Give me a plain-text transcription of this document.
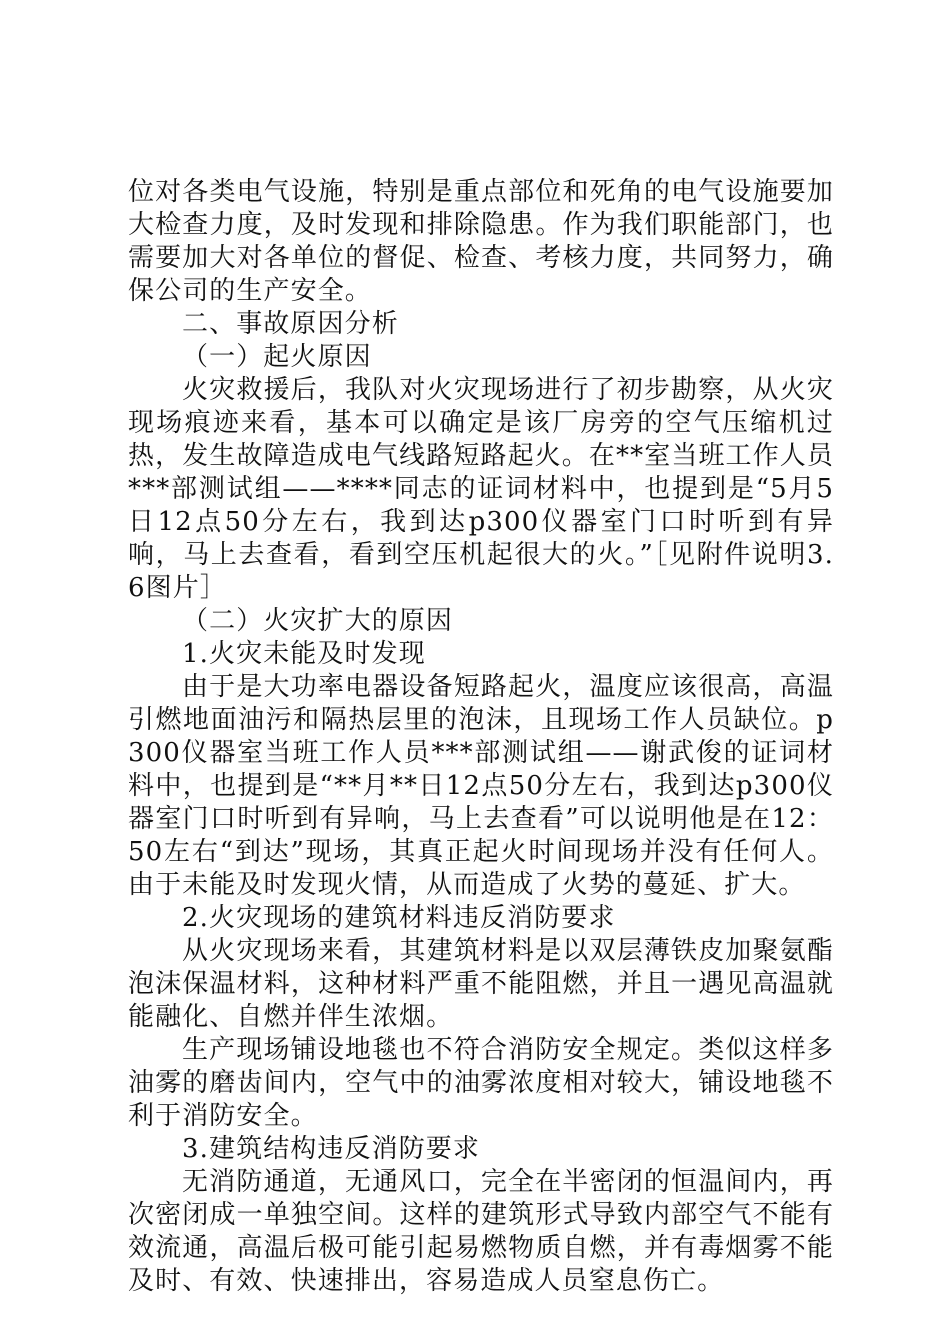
位对各类电气设施，特别是重点部位和死角的电气设施要加大检查力度，及时发现和排除隐患。作为我们职能部门，也需要加大对各单位的督促、检查、考核力度，共同努力，确保公司的生产安全。

二、事故原因分析

（一）起火原因

火灾救援后，我队对火灾现场进行了初步勘察，从火灾现场痕迹来看，基本可以确定是该厂房旁的空气压缩机过热，发生故障造成电气线路短路起火。在**室当班工作人员***部测试组——****同志的证词材料中，也提到是“5月5日12点50分左右，我到达p300仪器室门口时听到有异响，马上去查看，看到空压机起很大的火。”［见附件说明3.6图片］

（二）火灾扩大的原因

1.火灾未能及时发现

由于是大功率电器设备短路起火，温度应该很高，高温引燃地面油污和隔热层里的泡沫，且现场工作人员缺位。p300仪器室当班工作人员***部测试组——谢武俊的证词材料中，也提到是“**月**日12点50分左右，我到达p300仪器室门口时听到有异响，马上去查看”可以说明他是在12：50左右“到达”现场，其真正起火时间现场并没有任何人。由于未能及时发现火情，从而造成了火势的蔓延、扩大。

2.火灾现场的建筑材料违反消防要求

从火灾现场来看，其建筑材料是以双层薄铁皮加聚氨酯泡沫保温材料，这种材料严重不能阻燃，并且一遇见高温就能融化、自燃并伴生浓烟。

生产现场铺设地毯也不符合消防安全规定。类似这样多油雾的磨齿间内，空气中的油雾浓度相对较大，铺设地毯不利于消防安全。

3.建筑结构违反消防要求

无消防通道，无通风口，完全在半密闭的恒温间内，再次密闭成一单独空间。这样的建筑形式导致内部空气不能有效流通，高温后极可能引起易燃物质自燃，并有毒烟雾不能及时、有效、快速排出，容易造成人员窒息伤亡。
